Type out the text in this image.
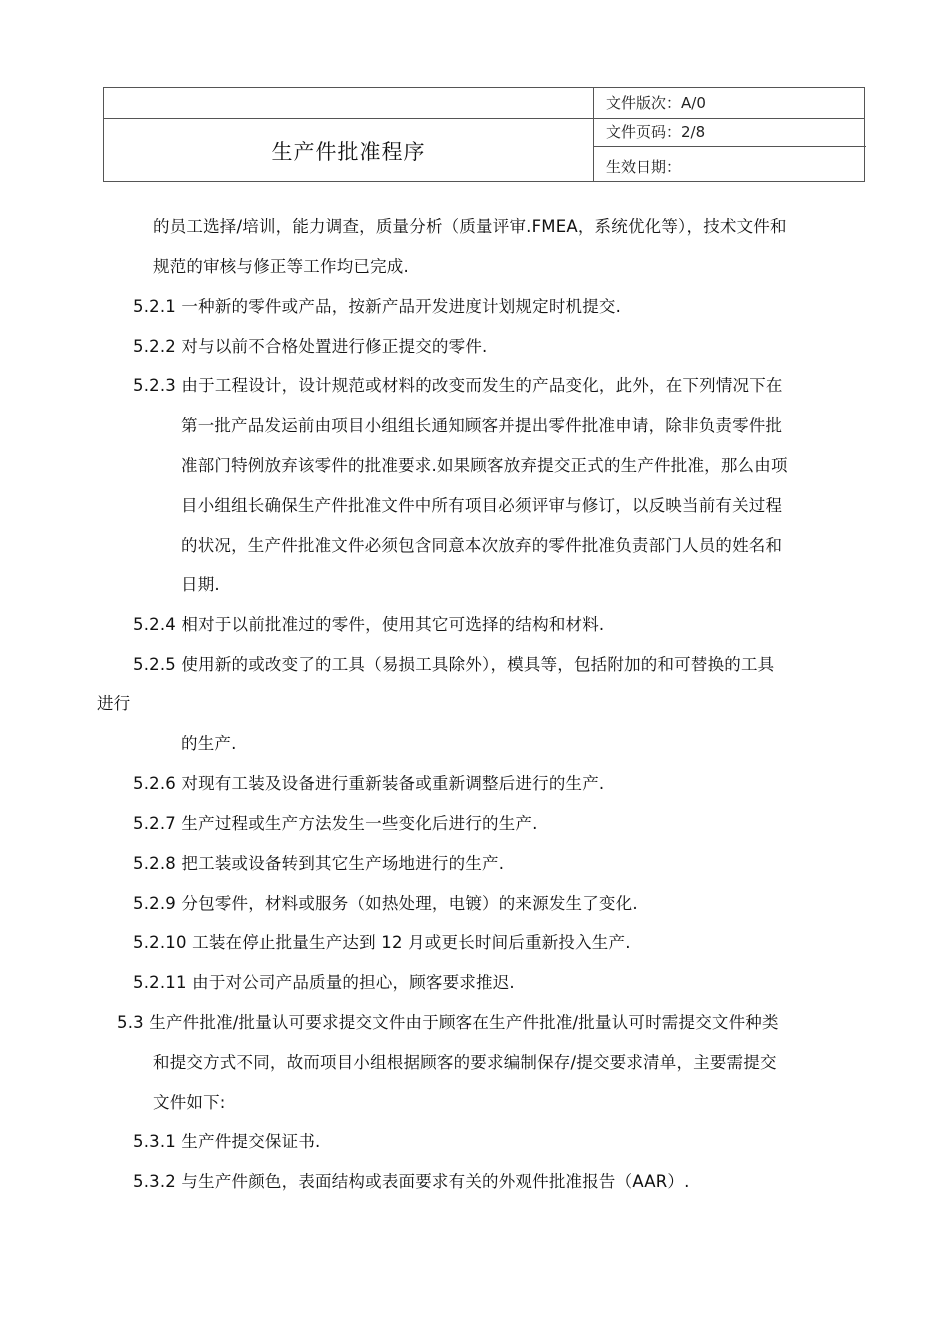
生产件批准程序
文件版次：A/0
文件页码：2/8
生效日期：
的员工选择/培训，能力调查，质量分析（质量评审.FMEA，系统优化等），技术文件和
规范的审核与修正等工作均已完成.
5.2.1 一种新的零件或产品，按新产品开发进度计划规定时机提交.
5.2.2 对与以前不合格处置进行修正提交的零件.
5.2.3 由于工程设计，设计规范或材料的改变而发生的产品变化，此外，在下列情况下在
第一批产品发运前由项目小组组长通知顾客并提出零件批准申请，除非负责零件批
准部门特例放弃该零件的批准要求.如果顾客放弃提交正式的生产件批准，那么由项
目小组组长确保生产件批准文件中所有项目必须评审与修订，以反映当前有关过程
的状况，生产件批准文件必须包含同意本次放弃的零件批准负责部门人员的姓名和
日期.
5.2.4 相对于以前批准过的零件，使用其它可选择的结构和材料.
5.2.5 使用新的或改变了的工具（易损工具除外），模具等，包括附加的和可替换的工具
进行
的生产.
5.2.6 对现有工装及设备进行重新装备或重新调整后进行的生产.
5.2.7 生产过程或生产方法发生一些变化后进行的生产.
5.2.8 把工装或设备转到其它生产场地进行的生产.
5.2.9 分包零件，材料或服务（如热处理，电镀）的来源发生了变化.
5.2.10 工装在停止批量生产达到 12 月或更长时间后重新投入生产.
5.2.11 由于对公司产品质量的担心，顾客要求推迟.
5.3 生产件批准/批量认可要求提交文件由于顾客在生产件批准/批量认可时需提交文件种类
和提交方式不同，故而项目小组根据顾客的要求编制保存/提交要求清单，主要需提交
文件如下:
5.3.1 生产件提交保证书.
5.3.2 与生产件颜色，表面结构或表面要求有关的外观件批准报告（AAR）.
